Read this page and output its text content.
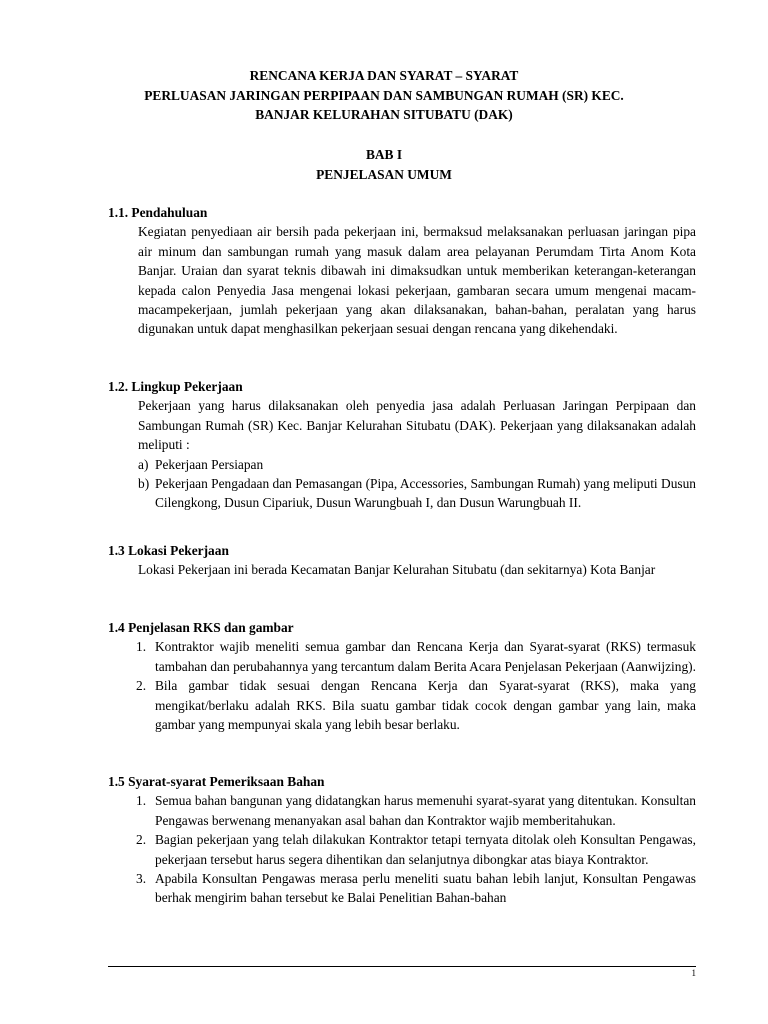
RENCANA KERJA DAN SYARAT – SYARAT
PERLUASAN JARINGAN PERPIPAAN DAN SAMBUNGAN RUMAH (SR) KEC.
BANJAR KELURAHAN SITUBATU (DAK)
BAB I
PENJELASAN UMUM
1.1. Pendahuluan
Kegiatan penyediaan air bersih pada pekerjaan ini, bermaksud melaksanakan perluasan jaringan pipa air minum dan sambungan rumah yang masuk dalam area pelayanan Perumdam Tirta Anom Kota Banjar. Uraian dan syarat teknis dibawah ini dimaksudkan untuk memberikan keterangan-keterangan kepada calon Penyedia Jasa mengenai lokasi pekerjaan, gambaran secara umum mengenai macam-macampekerjaan, jumlah pekerjaan yang akan dilaksanakan, bahan-bahan, peralatan yang harus digunakan untuk dapat menghasilkan pekerjaan sesuai dengan rencana yang dikehendaki.
1.2. Lingkup Pekerjaan
Pekerjaan yang harus dilaksanakan oleh penyedia jasa adalah Perluasan Jaringan Perpipaan dan Sambungan Rumah (SR) Kec. Banjar Kelurahan Situbatu (DAK). Pekerjaan yang dilaksanakan adalah meliputi :
a) Pekerjaan Persiapan
b) Pekerjaan Pengadaan dan Pemasangan (Pipa, Accessories, Sambungan Rumah) yang meliputi Dusun Cilengkong, Dusun Cipariuk, Dusun Warungbuah I, dan Dusun Warungbuah II.
1.3 Lokasi Pekerjaan
Lokasi Pekerjaan ini berada Kecamatan Banjar Kelurahan Situbatu (dan sekitarnya) Kota Banjar
1.4 Penjelasan RKS dan gambar
1. Kontraktor wajib meneliti semua gambar dan Rencana Kerja dan Syarat-syarat (RKS) termasuk tambahan dan perubahannya yang tercantum dalam Berita Acara Penjelasan Pekerjaan (Aanwijzing).
2. Bila gambar tidak sesuai dengan Rencana Kerja dan Syarat-syarat (RKS), maka yang mengikat/berlaku adalah RKS. Bila suatu gambar tidak cocok dengan gambar yang lain, maka gambar yang mempunyai skala yang lebih besar berlaku.
1.5 Syarat-syarat Pemeriksaan Bahan
1. Semua bahan bangunan yang didatangkan harus memenuhi syarat-syarat yang ditentukan. Konsultan Pengawas berwenang menanyakan asal bahan dan Kontraktor wajib memberitahukan.
2. Bagian pekerjaan yang telah dilakukan Kontraktor tetapi ternyata ditolak oleh Konsultan Pengawas, pekerjaan tersebut harus segera dihentikan dan selanjutnya dibongkar atas biaya Kontraktor.
3. Apabila Konsultan Pengawas merasa perlu meneliti suatu bahan lebih lanjut, Konsultan Pengawas berhak mengirim bahan tersebut ke Balai Penelitian Bahan-bahan
1
